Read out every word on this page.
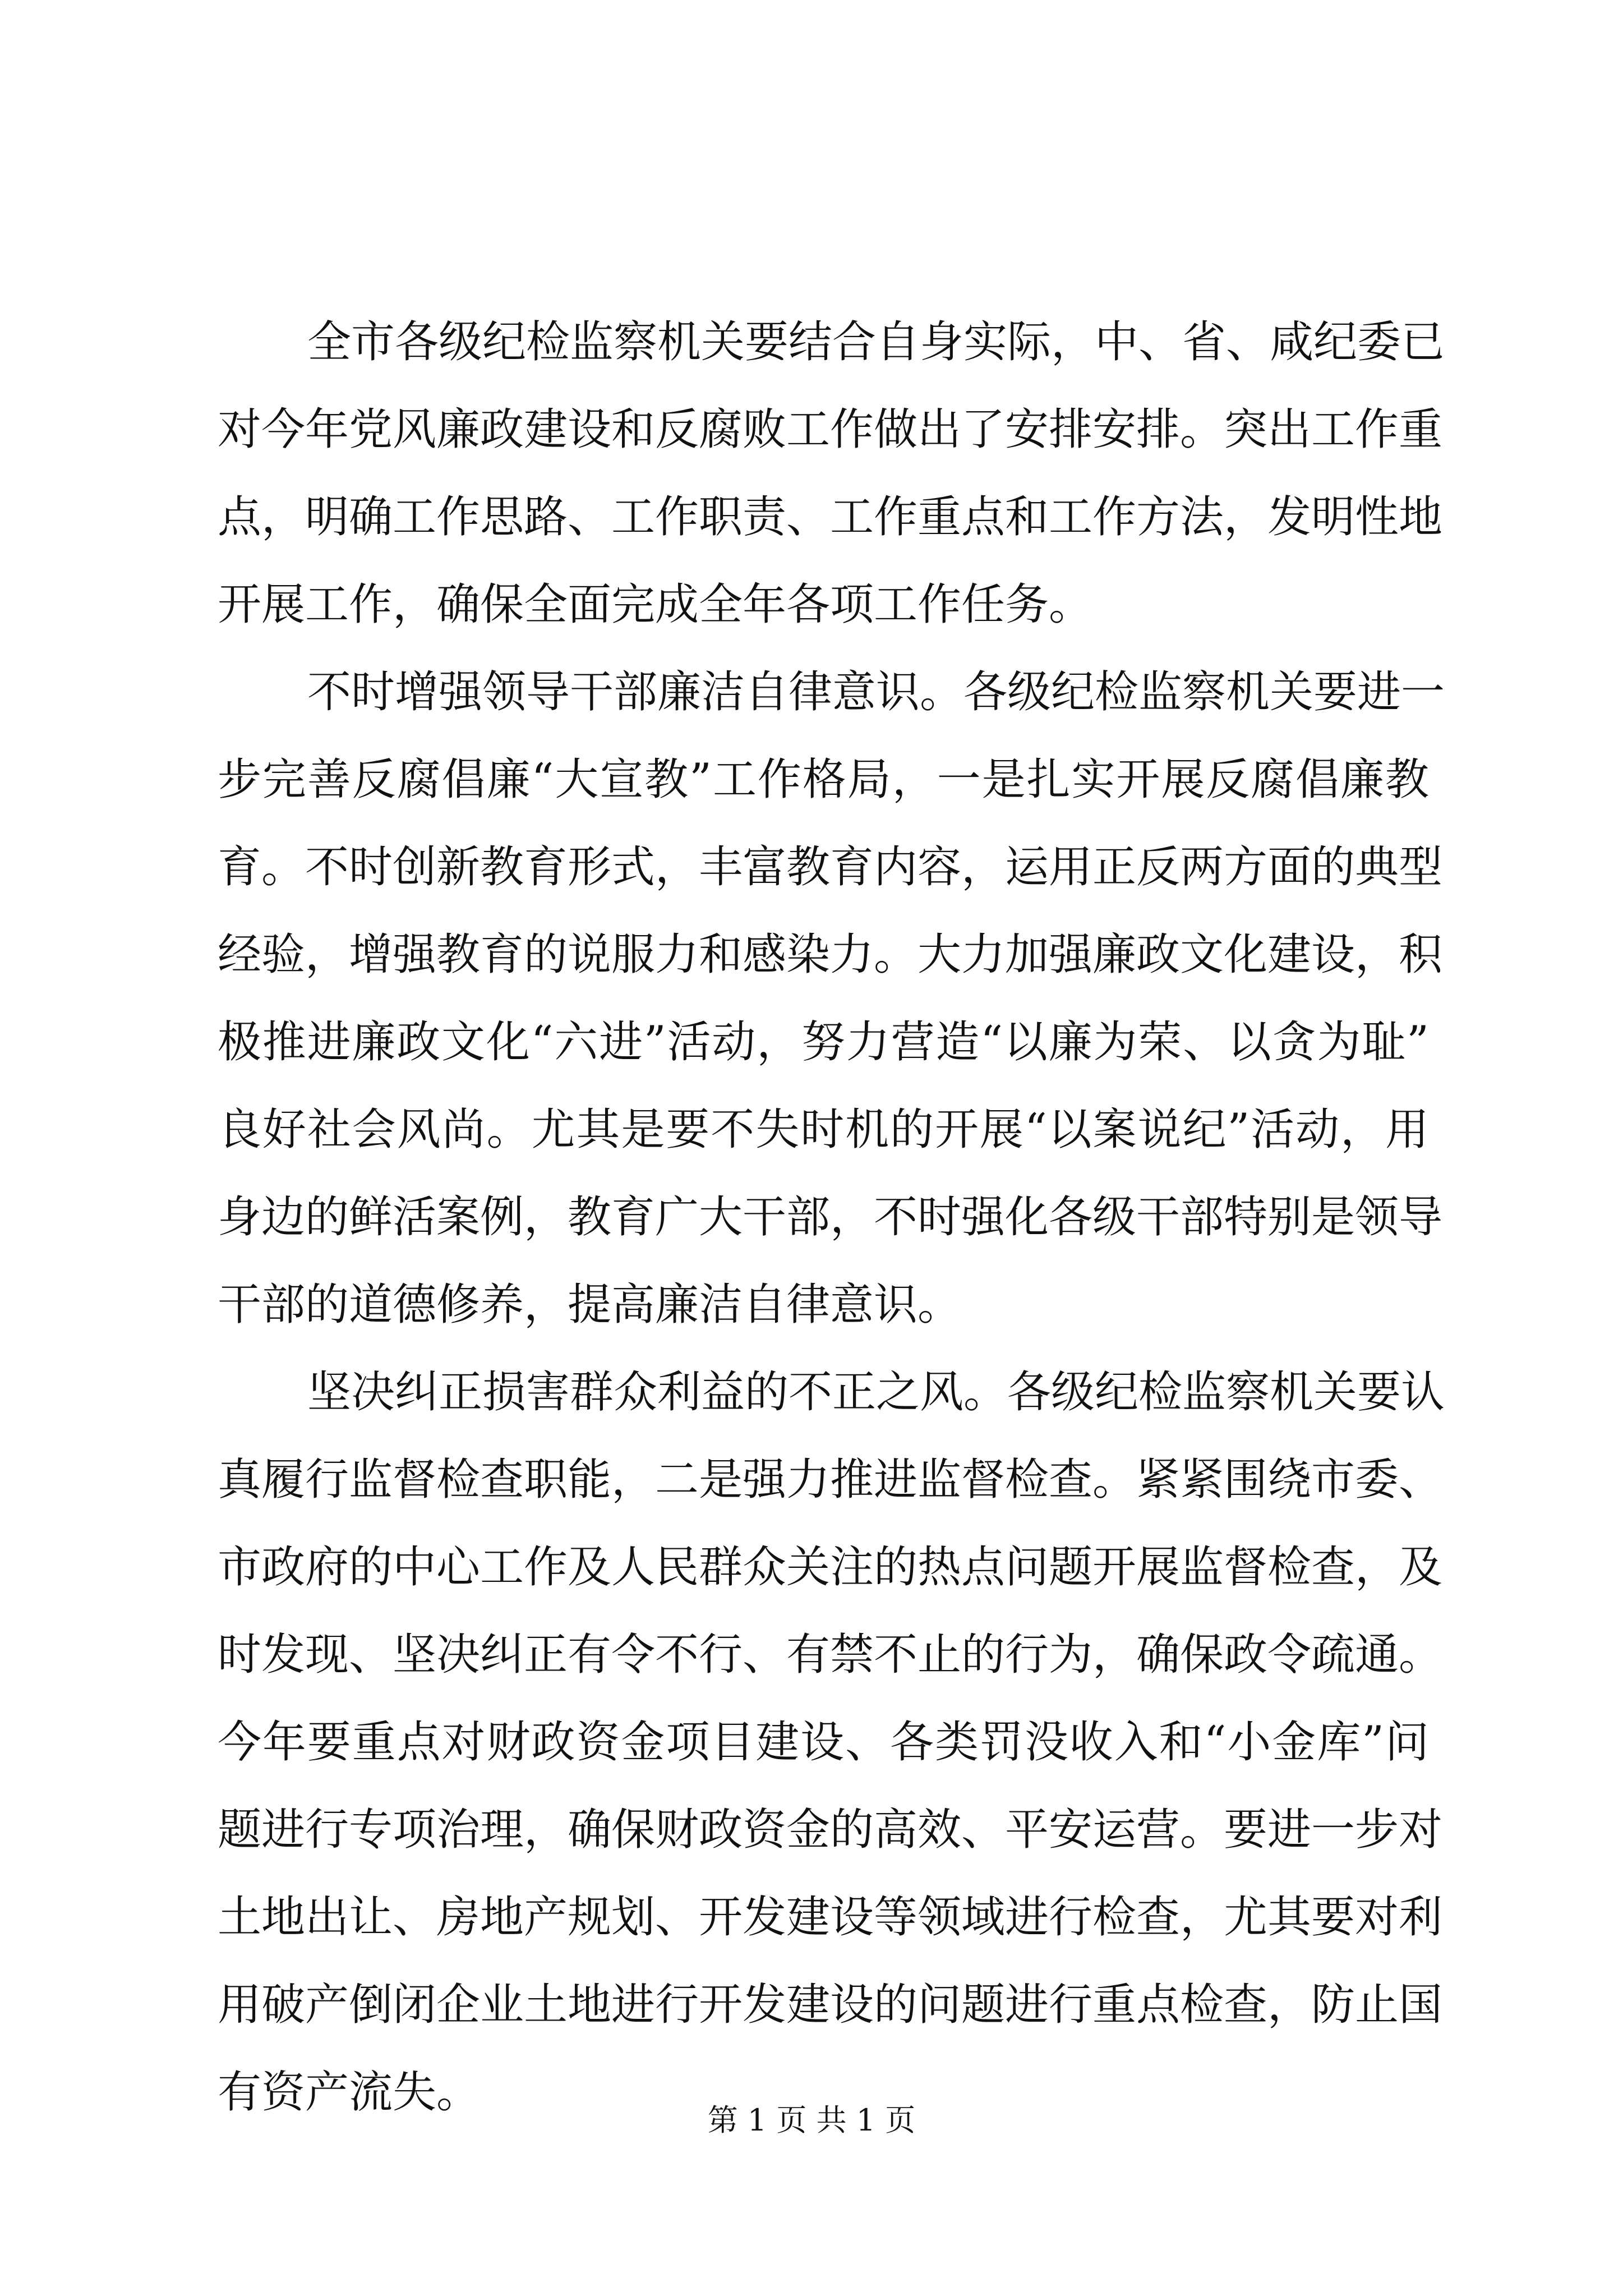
全市各级纪检监察机关要结合自身实际，中、省、咸纪委已
对今年党风廉政建设和反腐败工作做出了安排安排。突出工作重
点，明确工作思路、工作职责、工作重点和工作方法，发明性地
开展工作，确保全面完成全年各项工作任务。
不时增强领导干部廉洁自律意识。各级纪检监察机关要进一
步完善反腐倡廉“大宣教”工作格局，一是扎实开展反腐倡廉教
育。不时创新教育形式，丰富教育内容，运用正反两方面的典型
经验，增强教育的说服力和感染力。大力加强廉政文化建设，积
极推进廉政文化“六进”活动，努力营造“以廉为荣、以贪为耻”
良好社会风尚。尤其是要不失时机的开展“以案说纪”活动，用
身边的鲜活案例，教育广大干部，不时强化各级干部特别是领导
干部的道德修养，提高廉洁自律意识。
坚决纠正损害群众利益的不正之风。各级纪检监察机关要认
真履行监督检查职能，二是强力推进监督检查。紧紧围绕市委、
市政府的中心工作及人民群众关注的热点问题开展监督检查，及
时发现、坚决纠正有令不行、有禁不止的行为，确保政令疏通。
今年要重点对财政资金项目建设、各类罚没收入和“小金库”问
题进行专项治理，确保财政资金的高效、平安运营。要进一步对
土地出让、房地产规划、开发建设等领域进行检查，尤其要对利
用破产倒闭企业土地进行开发建设的问题进行重点检查，防止国
有资产流失。
第 1 页 共 1 页
